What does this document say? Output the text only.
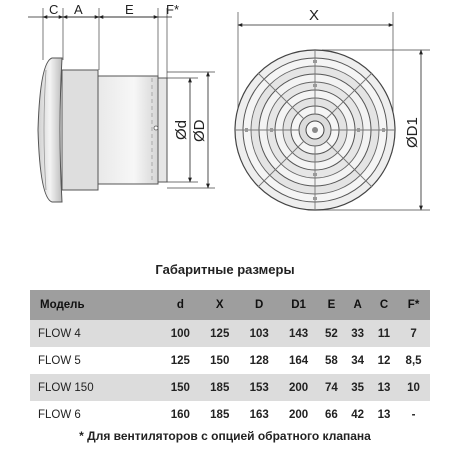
C A	E F*
Ød ØD
X
ØD1
Габаритные размеры
Модель	d	X	D	D1	E	A	C	F*
FLOW 4	100	125	103	143	52	33	11	7
FLOW 5	125	150	128	164	58	34	12	8,5
FLOW 150	150	185	153	200	74	35	13	10
FLOW 6	160	185	163	200	66	42	13	-
* Для вентиляторов с опцией обратного клапана
